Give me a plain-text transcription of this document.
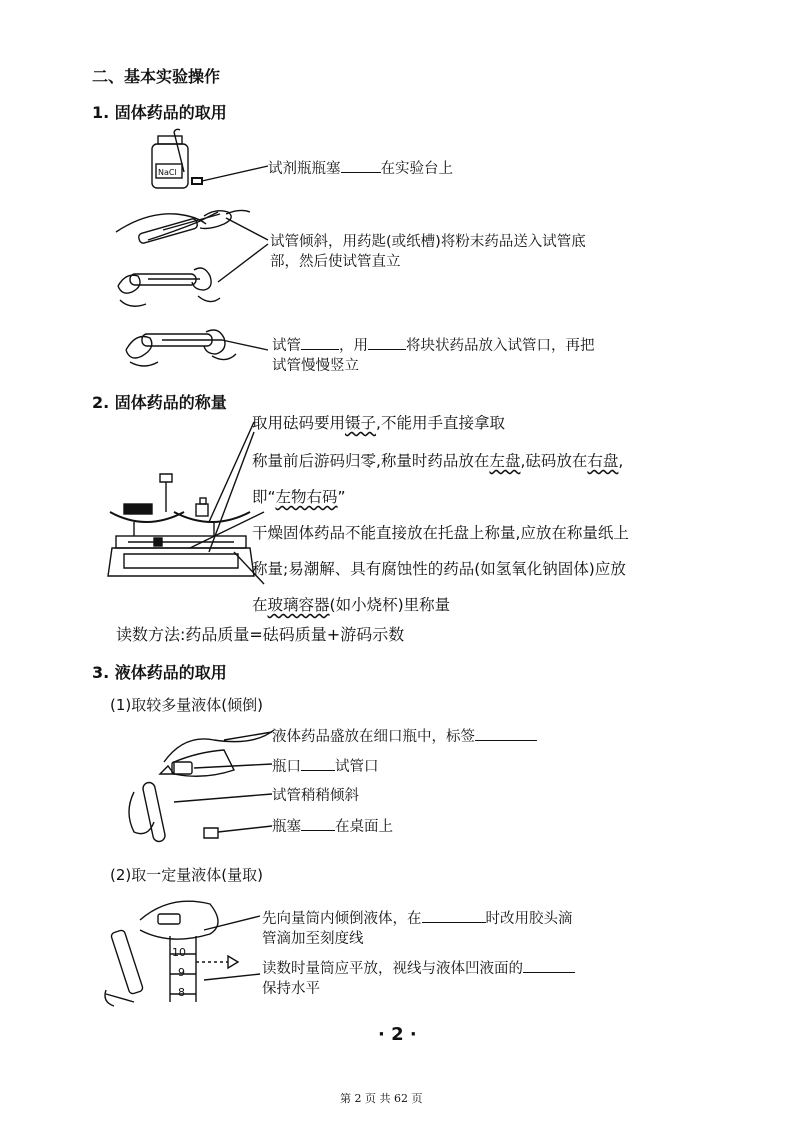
二、基本实验操作
1. 固体药品的取用
NaCl	试剂瓶瓶塞	在实验台上
试管倾斜，用药匙(或纸槽)将粉末药品送入试管底
部，然后使试管直立
试管	，用	将块状药品放入试管口，再把
试管慢慢竖立
2. 固体药品的称量
取用砝码要用镊子,不能用手直接拿取
称量前后游码归零,称量时药品放在左盘,砝码放在右盘,
即“左物右码”
干燥固体药品不能直接放在托盘上称量,应放在称量纸上
称量;易潮解、具有腐蚀性的药品(如氢氧化钠固体)应放
在玻璃容器(如小烧杯)里称量
读数方法:药品质量=砝码质量+游码示数
3. 液体药品的取用
(1)取较多量液体(倾倒)
液体药品盛放在细口瓶中，标签
瓶口 试管口
试管稍稍倾斜
瓶塞 在桌面上
(2)取一定量液体(量取)
10
9
8
先向量筒内倾倒液体，在	时改用胶头滴
管滴加至刻度线
读数时量筒应平放，视线与液体凹液面的
保持水平
· 2 ·
第 2 页 共 62 页
